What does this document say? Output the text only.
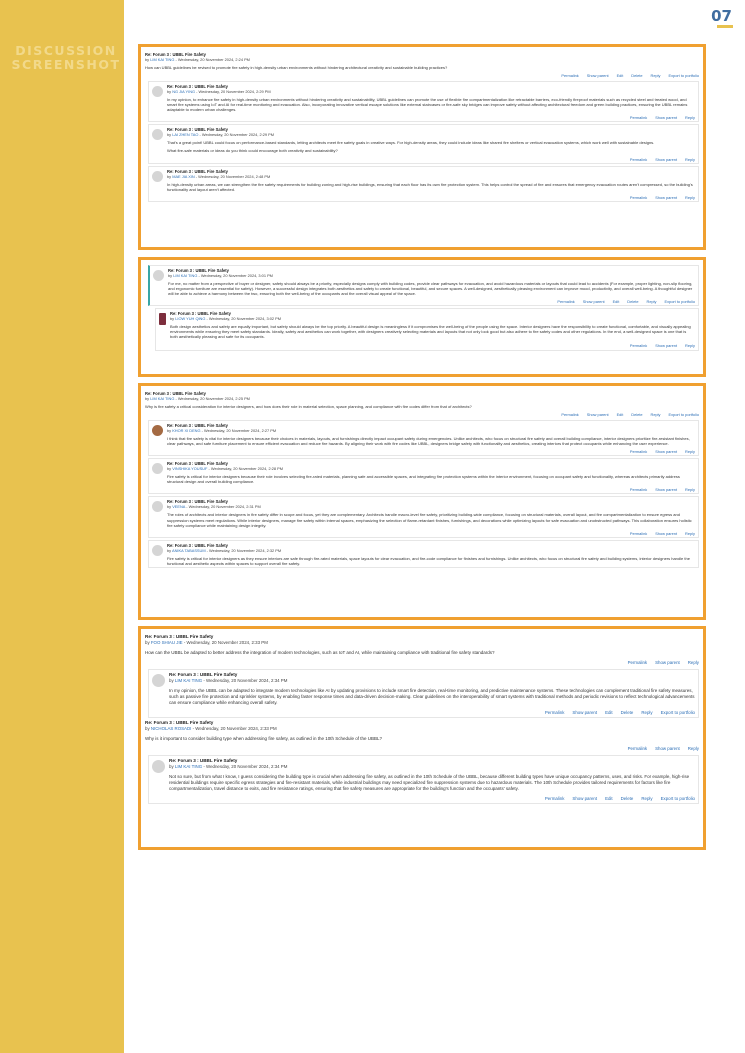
DISCUSSION SCREENSHOT
07
Re: Forum 3 : UBBL Fire Safety
by LIM KAI TING - Wednesday, 20 November 2024, 2:24 PM
How can UBBL guidelines be revised to promote fire safety in high-density urban environments without hindering architectural creativity and sustainable building practices?
Permalink Show parent Edit Delete Reply Export to portfolio
Re: Forum 3 : UBBL Fire Safety
by NG JIA YING - Wednesday, 20 November 2024, 2:29 PM
In my opinion, to enhance fire safety in high-density urban environments without hindering creativity and sustainability, UBBL guidelines can promote the use of flexible fire compartmentalization like retractable barriers, eco-friendly fireproof materials such as recycled steel and treated wood, and smart fire systems using IoT and AI for real-time monitoring and evacuation. Also, incorporating innovative vertical escape solutions like external staircases or fire-safe sky bridges can improve safety without affecting architectural freedom and green building practices, ensuring the UBBL remains adaptable to modern urban challenges.
Permalink Show parent Reply
Re: Forum 3 : UBBL Fire Safety
by LAI ZHEN TAO - Wednesday, 20 November 2024, 2:29 PM
That's a great point! UBBL could focus on performance-based standards, letting architects meet fire safety goals in creative ways. For high-density areas, they could include ideas like shared fire shelters or vertical evacuation systems, which work well with sustainable designs.
What fire-safe materials or ideas do you think could encourage both creativity and sustainability?
Permalink Show parent Reply
Re: Forum 3 : UBBL Fire Safety
by MAE JIA XIN - Wednesday, 20 November 2024, 2:48 PM
In high-density urban areas, we can strengthen the fire safety requirements for building zoning and high-rise buildings, ensuring that each floor has its own fire protection system. This helps control the spread of fire and ensures that emergency evacuation routes aren't compressed, so the building's functionality and layout aren't affected.
Permalink Show parent Reply
Re: Forum 3 : UBBL Fire Safety
by LIM KAI TING - Wednesday, 20 November 2024, 3:01 PM
For me, no matter from a perspective of buyer or designer, safety should always be a priority, especially designs comply with building codes, provide clear pathways for evacuation, and avoid hazardous materials or layouts that could lead to accidents (For example, proper lighting, non-slip flooring, and ergonomic furniture are essential for safety). However, a successful design integrates both aesthetics and safety to create functional, beautiful, and secure spaces. A well-designed, aesthetically pleasing environment can improve mood, productivity, and overall well-being. A thoughtful designer will be able to achieve a harmony between the two, ensuring both the well-being of the occupants and the overall visual appeal of the space.
Permalink Show parent Edit Delete Reply Export to portfolio
Re: Forum 3 : UBBL Fire Safety
by LIOW YUH QING - Wednesday, 20 November 2024, 3:02 PM
Both design aesthetics and safety are equally important, but safety should always be the top priority. A beautiful design is meaningless if it compromises the well-being of the people using the space. Interior designers have the responsibility to create functional, comfortable, and visually appealing environments while ensuring they meet safety standards. Ideally, safety and aesthetics can work together, with designers creatively selecting materials and layouts that not only look good but also adhere to fire safety codes and other regulations. In the end, a well-designed space is one that is both aesthetically pleasing and safe for its occupants.
Permalink Show parent Reply
Re: Forum 3 : UBBL Fire Safety
by LIM KAI TING - Wednesday, 20 November 2024, 2:25 PM
Why is fire safety a critical consideration for interior designers, and how does their role in material selection, space planning, and compliance with fire codes differ from that of architects?
Permalink Show parent Edit Delete Reply Export to portfolio
Re: Forum 3 : UBBL Fire Safety
by KHOR XI DENG - Wednesday, 20 November 2024, 2:27 PM
I think that fire safety is vital for interior designers because their choices in materials, layouts, and furnishings directly impact occupant safety during emergencies. Unlike architects, who focus on structural fire safety and overall building compliance, interior designers prioritize fire-resistant finishes, clear pathways, and safe furniture placement to ensure efficient evacuation and reduce fire hazards. By aligning their work with fire codes like UBBL, designers bridge safety with functionality and aesthetics, creating interiors that protect occupants while enhancing the user experience.
Permalink Show parent Reply
Re: Forum 3 : UBBL Fire Safety
by VINSHIKA YOUSUF - Wednesday, 20 November 2024, 2:28 PM
Fire safety is critical for interior designers because their role involves selecting fire-rated materials, planning safe and accessible spaces, and integrating fire protection systems within the interior environment, focusing on occupant safety and functionality, whereas architects primarily address structural design and overall building compliance.
Permalink Show parent Reply
Re: Forum 3 : UBBL Fire Safety
by VEENA - Wednesday, 20 November 2024, 2:31 PM
The roles of architects and interior designers in fire safety differ in scope and focus, yet they are complementary. Architects handle macro-level fire safety, prioritizing building-wide compliance, focusing on structural materials, overall layout, and fire compartmentalization to ensure egress and suppression systems meet regulations. While interior designers, manage fire safety within internal spaces, emphasizing the selection of flame-retardant finishes, furnishings, and decorations while optimizing layouts for safe evacuation and unobstructed pathways. This collaboration ensures holistic fire safety compliance while maintaining design integrity.
Permalink Show parent Reply
Re: Forum 3 : UBBL Fire Safety
by ANIKA TABASSUM - Wednesday, 20 November 2024, 2:32 PM
Fire safety is critical for interior designers as they ensure interiors are safe through fire-rated materials, space layouts for clear evacuation, and fire-code compliance for finishes and furnishings. Unlike architects, who focus on structural fire safety and building systems, interior designers handle the functional and aesthetic aspects within spaces to support overall fire safety.
Re: Forum 3 : UBBL Fire Safety
by FOO SHIAU JIE - Wednesday, 20 November 2024, 2:33 PM
How can the UBBL be adapted to better address the integration of modern technologies, such as IoT and AI, while maintaining compliance with traditional fire safety standards?
Permalink Show parent Reply
Re: Forum 3 : UBBL Fire Safety
by LIM KAI TING - Wednesday, 20 November 2024, 2:34 PM
In my opinion, the UBBL can be adapted to integrate modern technologies like AI by updating provisions to include smart fire detection, real-time monitoring, and predictive maintenance systems. These technologies can complement traditional fire safety measures, such as passive fire protection and sprinkler systems, by enabling faster response times and data-driven decision-making. Clear guidelines on the interoperability of smart systems with traditional methods and periodic revisions to reflect technological advancements can ensure compliance while enhancing overall safety.
Permalink Show parent Edit Delete Reply Export to portfolio
Re: Forum 3 : UBBL Fire Safety
by NICHOLAS ROSADI - Wednesday, 20 November 2024, 2:33 PM
Why is it important to consider building type when addressing fire safety, as outlined in the 10th Schedule of the UBBL?
Permalink Show parent Reply
Re: Forum 3 : UBBL Fire Safety
by LIM KAI TING - Wednesday, 20 November 2024, 2:34 PM
Not so sure, but from what I know, I guess considering the building type is crucial when addressing fire safety, as outlined in the 10th Schedule of the UBBL, because different building types have unique occupancy patterns, uses, and risks. For example, high-rise residential buildings require specific egress strategies and fire-resistant materials, while industrial buildings may need specialized fire suppression systems due to hazardous materials. The 10th Schedule provides tailored requirements for factors like fire compartmentalization, travel distance to exits, and fire resistance ratings, ensuring that fire safety measures are appropriate for the building's function and the occupants' safety.
Permalink Show parent Edit Delete Reply Export to portfolio
